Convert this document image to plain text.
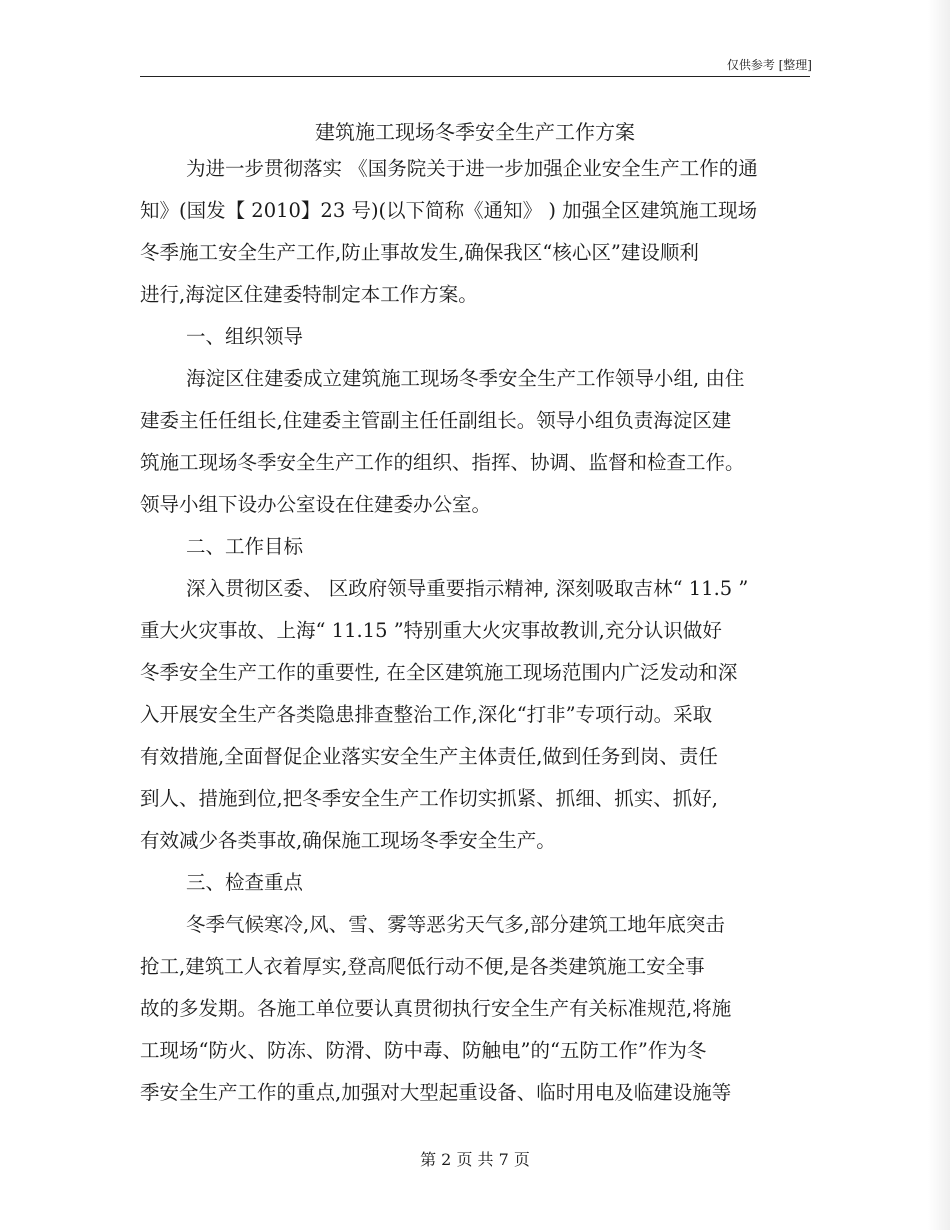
仅供参考 [整理]
建筑施工现场冬季安全生产工作方案
为进一步贯彻落实 《国务院关于进一步加强企业安全生产工作的通
知》(国发【 2010】23 号)(以下简称《通知》 ) 加强全区建筑施工现场
冬季施工安全生产工作,防止事故发生,确保我区“核心区”建设顺利
进行,海淀区住建委特制定本工作方案。
一、组织领导
海淀区住建委成立建筑施工现场冬季安全生产工作领导小组, 由住
建委主任任组长,住建委主管副主任任副组长。领导小组负责海淀区建
筑施工现场冬季安全生产工作的组织、指挥、协调、监督和检查工作。
领导小组下设办公室设在住建委办公室。
二、工作目标
深入贯彻区委、 区政府领导重要指示精神, 深刻吸取吉林“ 11.5 ”
重大火灾事故、上海“ 11.15 ”特别重大火灾事故教训,充分认识做好
冬季安全生产工作的重要性, 在全区建筑施工现场范围内广泛发动和深
入开展安全生产各类隐患排查整治工作,深化“打非”专项行动。采取
有效措施,全面督促企业落实安全生产主体责任,做到任务到岗、责任
到人、措施到位,把冬季安全生产工作切实抓紧、抓细、抓实、抓好,
有效减少各类事故,确保施工现场冬季安全生产。
三、检查重点
冬季气候寒冷,风、雪、雾等恶劣天气多,部分建筑工地年底突击
抢工,建筑工人衣着厚实,登高爬低行动不便,是各类建筑施工安全事
故的多发期。各施工单位要认真贯彻执行安全生产有关标准规范,将施
工现场“防火、防冻、防滑、防中毒、防触电”的“五防工作”作为冬
季安全生产工作的重点,加强对大型起重设备、临时用电及临建设施等
第 2 页 共 7 页
